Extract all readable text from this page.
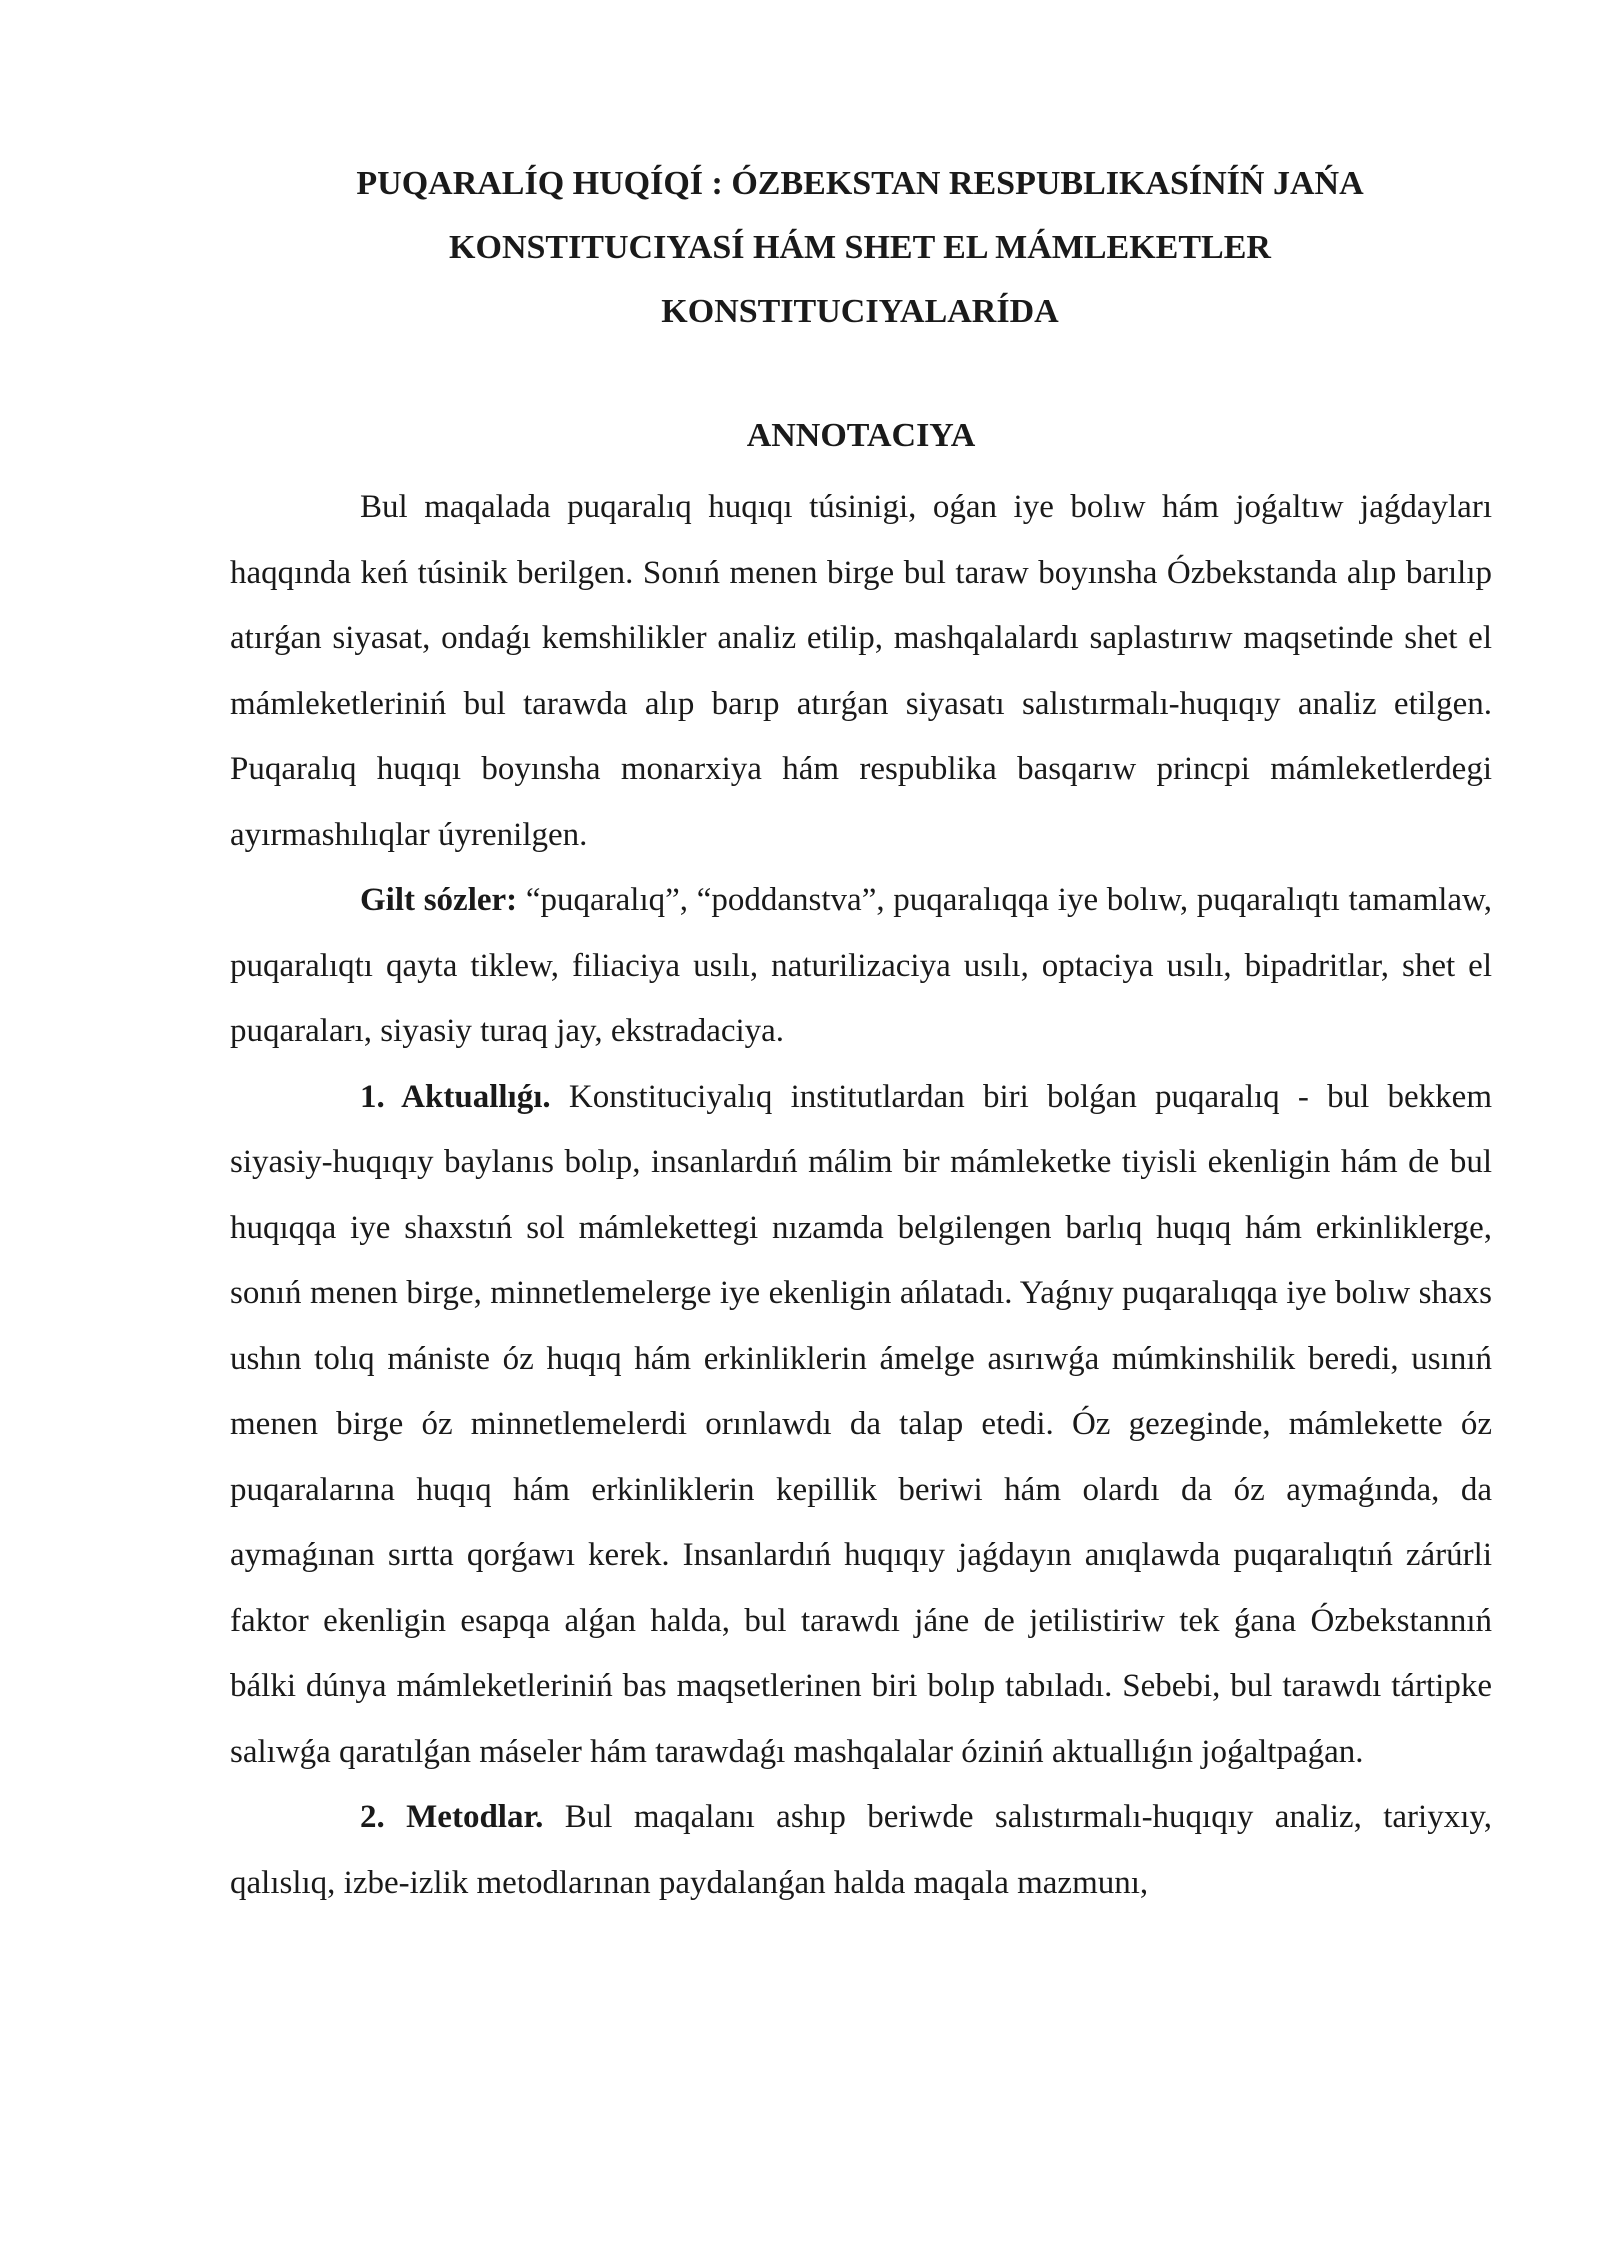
PUQARALÍQ HUQÍQÍ : ÓZBEKSTAN RESPUBLIKASÍNÍŃ JAŃA
KONSTITUCIYASÍ HÁM SHET EL MÁMLEKETLER
KONSTITUCIYALARÍDA
ANNOTACIYA

Bul maqalada puqaralıq huqıqı túsinigi, oǵan iye bolıw hám joǵaltıw jaǵdayları haqqında keń túsinik berilgen. Sonıń menen birge bul taraw boyınsha Ózbekstanda alıp barılıp atırǵan siyasat, ondaǵı kemshilikler analiz etilip, mashqalalardı saplastırıw maqsetinde shet el mámleketleriniń bul tarawda alıp barıp atırǵan siyasatı salıstırmalı-huqıqıy analiz etilgen. Puqaralıq huqıqı boyınsha monarxiya hám respublika basqarıw princpi mámleketlerdegi ayırmashılıqlar úyrenilgen.

Gilt sózler: “puqaralıq”, “poddanstva”, puqaralıqqa iye bolıw, puqaralıqtı tamamlaw, puqaralıqtı qayta tiklew, filiaciya usılı, naturilizaciya usılı, optaciya usılı, bipadritlar, shet el puqaraları, siyasiy turaq jay, ekstradaciya.

1. Aktuallıǵı. Konstituciyalıq institutlardan biri bolǵan puqaralıq - bul bekkem siyasiy-huqıqıy baylanıs bolıp, insanlardıń málim bir mámleketke tiyisli ekenligin hám de bul huqıqqa iye shaxstıń sol mámlekettegi nızamda belgilengen barlıq huqıq hám erkinliklerge, sonıń menen birge, minnetlemelerge iye ekenligin ańlatadı. Yaǵnıy puqaralıqqa iye bolıw shaxs ushın tolıq mániste óz huqıq hám erkinliklerin ámelge asırıwǵa múmkinshilik beredi, usınıń menen birge óz minnetlemelerdi orınlawdı da talap etedi. Óz gezeginde, mámlekette óz puqaralarına huqıq hám erkinliklerin kepillik beriwi hám olardı da óz aymaǵında, da aymaǵınan sırtta qorǵawı kerek. Insanlardıń huqıqıy jaǵdayın anıqlawda puqaralıqtıń zárúrli faktor ekenligin esapqa alǵan halda, bul tarawdı jáne de jetilistiriw tek ǵana Ózbekstannıń bálki dúnya mámleketleriniń bas maqsetlerinen biri bolıp tabıladı. Sebebi, bul tarawdı tártipke salıwǵa qaratılǵan máseler hám tarawdaǵı mashqalalar óziniń aktuallıǵın joǵaltpaǵan.

2. Metodlar. Bul maqalanı ashıp beriwde salıstırmalı-huqıqıy analiz, tariyxıy, qalıslıq, izbe-izlik metodlarınan paydalanǵan halda maqala mazmunı,
